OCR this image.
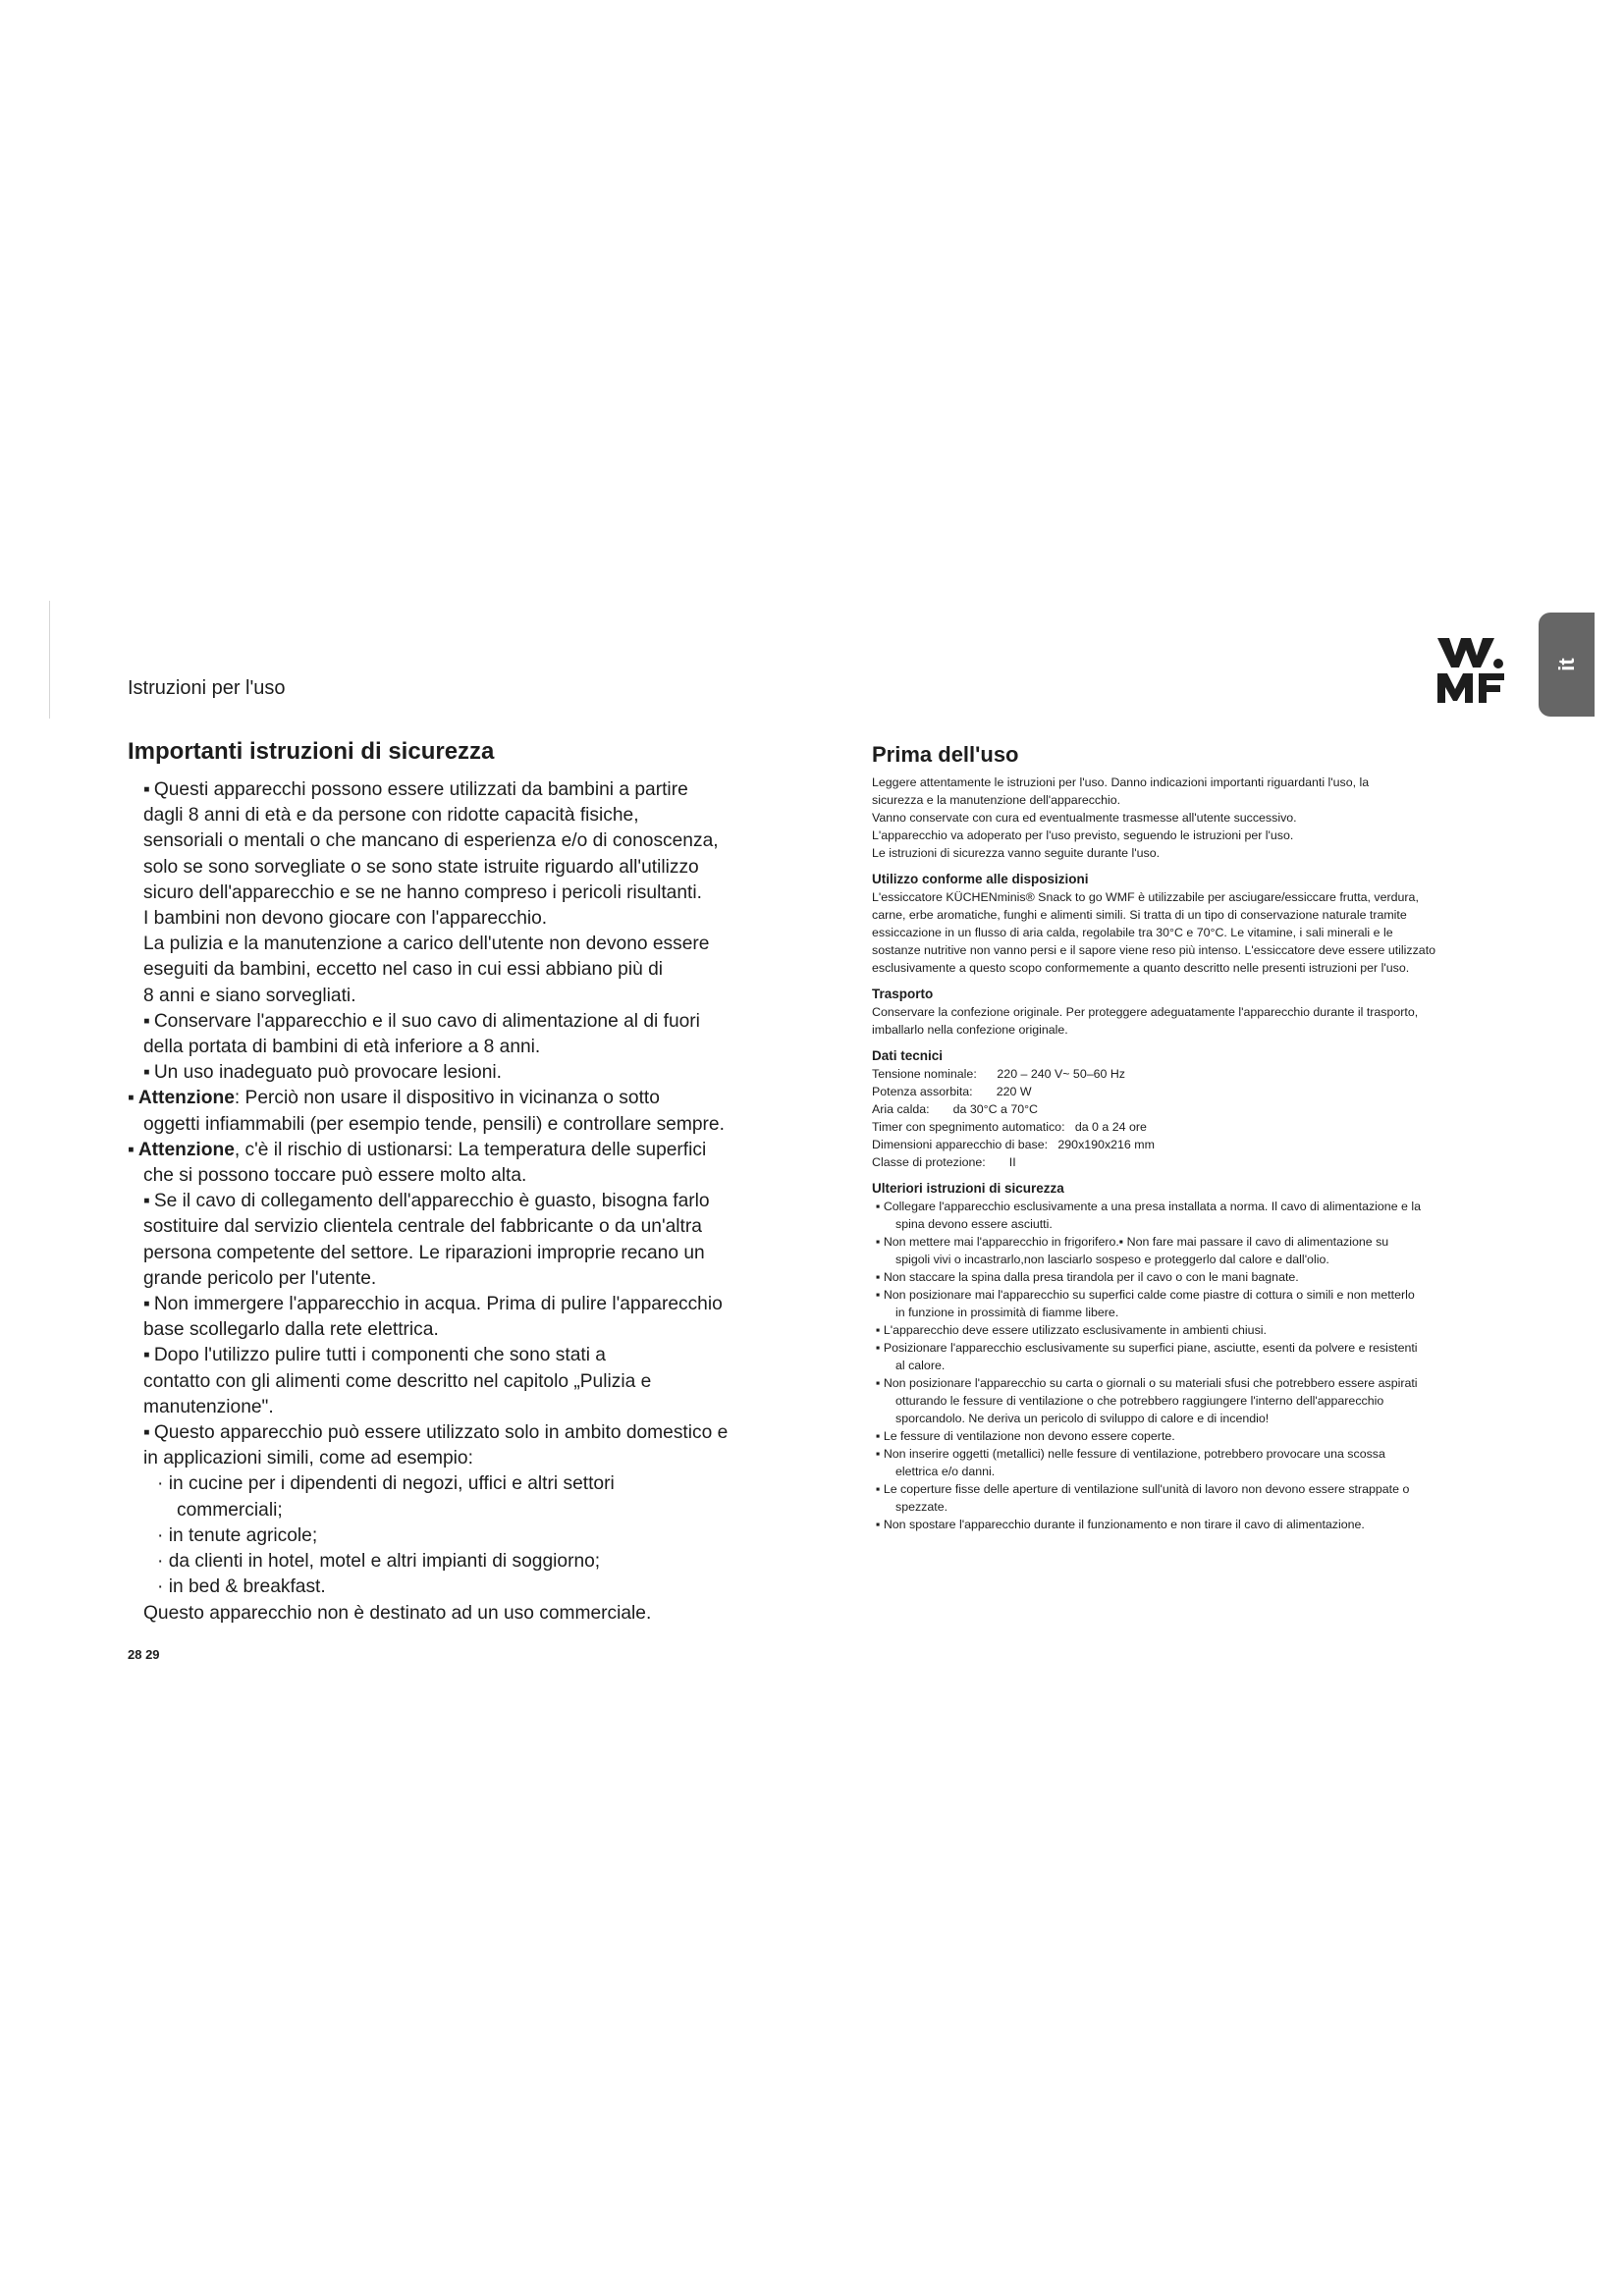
Istruzioni per l'uso
it
Importanti istruzioni di sicurezza

▪ Questi apparecchi possono essere utilizzati da bambini a partire

dagli 8 anni di età e da persone con ridotte capacità fisiche,

sensoriali o mentali o che mancano di esperienza e/o di conoscenza,

solo se sono sorvegliate o se sono state istruite riguardo all'utilizzo

sicuro dell'apparecchio e se ne hanno compreso i pericoli risultanti.

I bambini non devono giocare con l'apparecchio.

La pulizia e la manutenzione a carico dell'utente non devono essere

eseguiti da bambini, eccetto nel caso in cui essi abbiano più di

8 anni e siano sorvegliati.

▪ Conservare l'apparecchio e il suo cavo di alimentazione al di fuori

della portata di bambini di età inferiore a 8 anni.

▪ Un uso inadeguato può provocare lesioni.

▪ Attenzione: Perciò non usare il dispositivo in vicinanza o sotto

oggetti infiammabili (per esempio tende, pensili) e controllare sempre.

▪ Attenzione, c'è il rischio di ustionarsi: La temperatura delle superfici

che si possono toccare può essere molto alta.

▪ Se il cavo di collegamento dell'apparecchio è guasto, bisogna farlo

sostituire dal servizio clientela centrale del fabbricante o da un'altra

persona competente del settore. Le riparazioni improprie recano un

grande pericolo per l'utente.

▪ Non immergere l'apparecchio in acqua. Prima di pulire l'apparecchio

base scollegarlo dalla rete elettrica.

▪ Dopo l'utilizzo pulire tutti i componenti che sono stati a

contatto con gli alimenti come descritto nel capitolo „Pulizia e

manutenzione".

▪ Questo apparecchio può essere utilizzato solo in ambito domestico e

in applicazioni simili, come ad esempio:

· in cucine per i dipendenti di negozi, uffici e altri settori

commerciali;

· in tenute agricole;

· da clienti in hotel, motel e altri impianti di soggiorno;

· in bed & breakfast.

Questo apparecchio non è destinato ad un uso commerciale.

28 29
Prima dell'uso

Leggere attentamente le istruzioni per l'uso. Danno indicazioni importanti riguardanti l'uso, la

sicurezza e la manutenzione dell'apparecchio.

Vanno conservate con cura ed eventualmente trasmesse all'utente successivo.

L'apparecchio va adoperato per l'uso previsto, seguendo le istruzioni per l'uso.

Le istruzioni di sicurezza vanno seguite durante l'uso.

Utilizzo conforme alle disposizioni

L'essiccatore KÜCHENminis® Snack to go WMF è utilizzabile per asciugare/essiccare frutta, verdura,

carne, erbe aromatiche, funghi e alimenti simili. Si tratta di un tipo di conservazione naturale tramite

essiccazione in un flusso di aria calda, regolabile tra 30°C e 70°C. Le vitamine, i sali minerali e le

sostanze nutritive non vanno persi e il sapore viene reso più intenso. L'essiccatore deve essere utilizzato

esclusivamente a questo scopo conformemente a quanto descritto nelle presenti istruzioni per l'uso.

Trasporto

Conservare la confezione originale. Per proteggere adeguatamente l'apparecchio durante il trasporto,

imballarlo nella confezione originale.

Dati tecnici

Tensione nominale:      220 – 240 V~ 50–60 Hz

Potenza assorbita:       220 W

Aria calda:       da 30°C a 70°C

Timer con spegnimento automatico:   da 0 a 24 ore

Dimensioni apparecchio di base:   290x190x216 mm

Classe di protezione:       II

Ulteriori istruzioni di sicurezza

▪ Collegare l'apparecchio esclusivamente a una presa installata a norma. Il cavo di alimentazione e la

spina devono essere asciutti.

▪ Non mettere mai l'apparecchio in frigorifero.▪ Non fare mai passare il cavo di alimentazione su

spigoli vivi o incastrarlo,non lasciarlo sospeso e proteggerlo dal calore e dall'olio.

▪ Non staccare la spina dalla presa tirandola per il cavo o con le mani bagnate.

▪ Non posizionare mai l'apparecchio su superfici calde come piastre di cottura o simili e non metterlo

in funzione in prossimità di fiamme libere.

▪ L'apparecchio deve essere utilizzato esclusivamente in ambienti chiusi.

▪ Posizionare l'apparecchio esclusivamente su superfici piane, asciutte, esenti da polvere e resistenti

al calore.

▪ Non posizionare l'apparecchio su carta o giornali o su materiali sfusi che potrebbero essere aspirati

otturando le fessure di ventilazione o che potrebbero raggiungere l'interno dell'apparecchio

sporcandolo. Ne deriva un pericolo di sviluppo di calore e di incendio!

▪ Le fessure di ventilazione non devono essere coperte.

▪ Non inserire oggetti (metallici) nelle fessure di ventilazione, potrebbero provocare una scossa

elettrica e/o danni.

▪ Le coperture fisse delle aperture di ventilazione sull'unità di lavoro non devono essere strappate o

spezzate.

▪ Non spostare l'apparecchio durante il funzionamento e non tirare il cavo di alimentazione.
